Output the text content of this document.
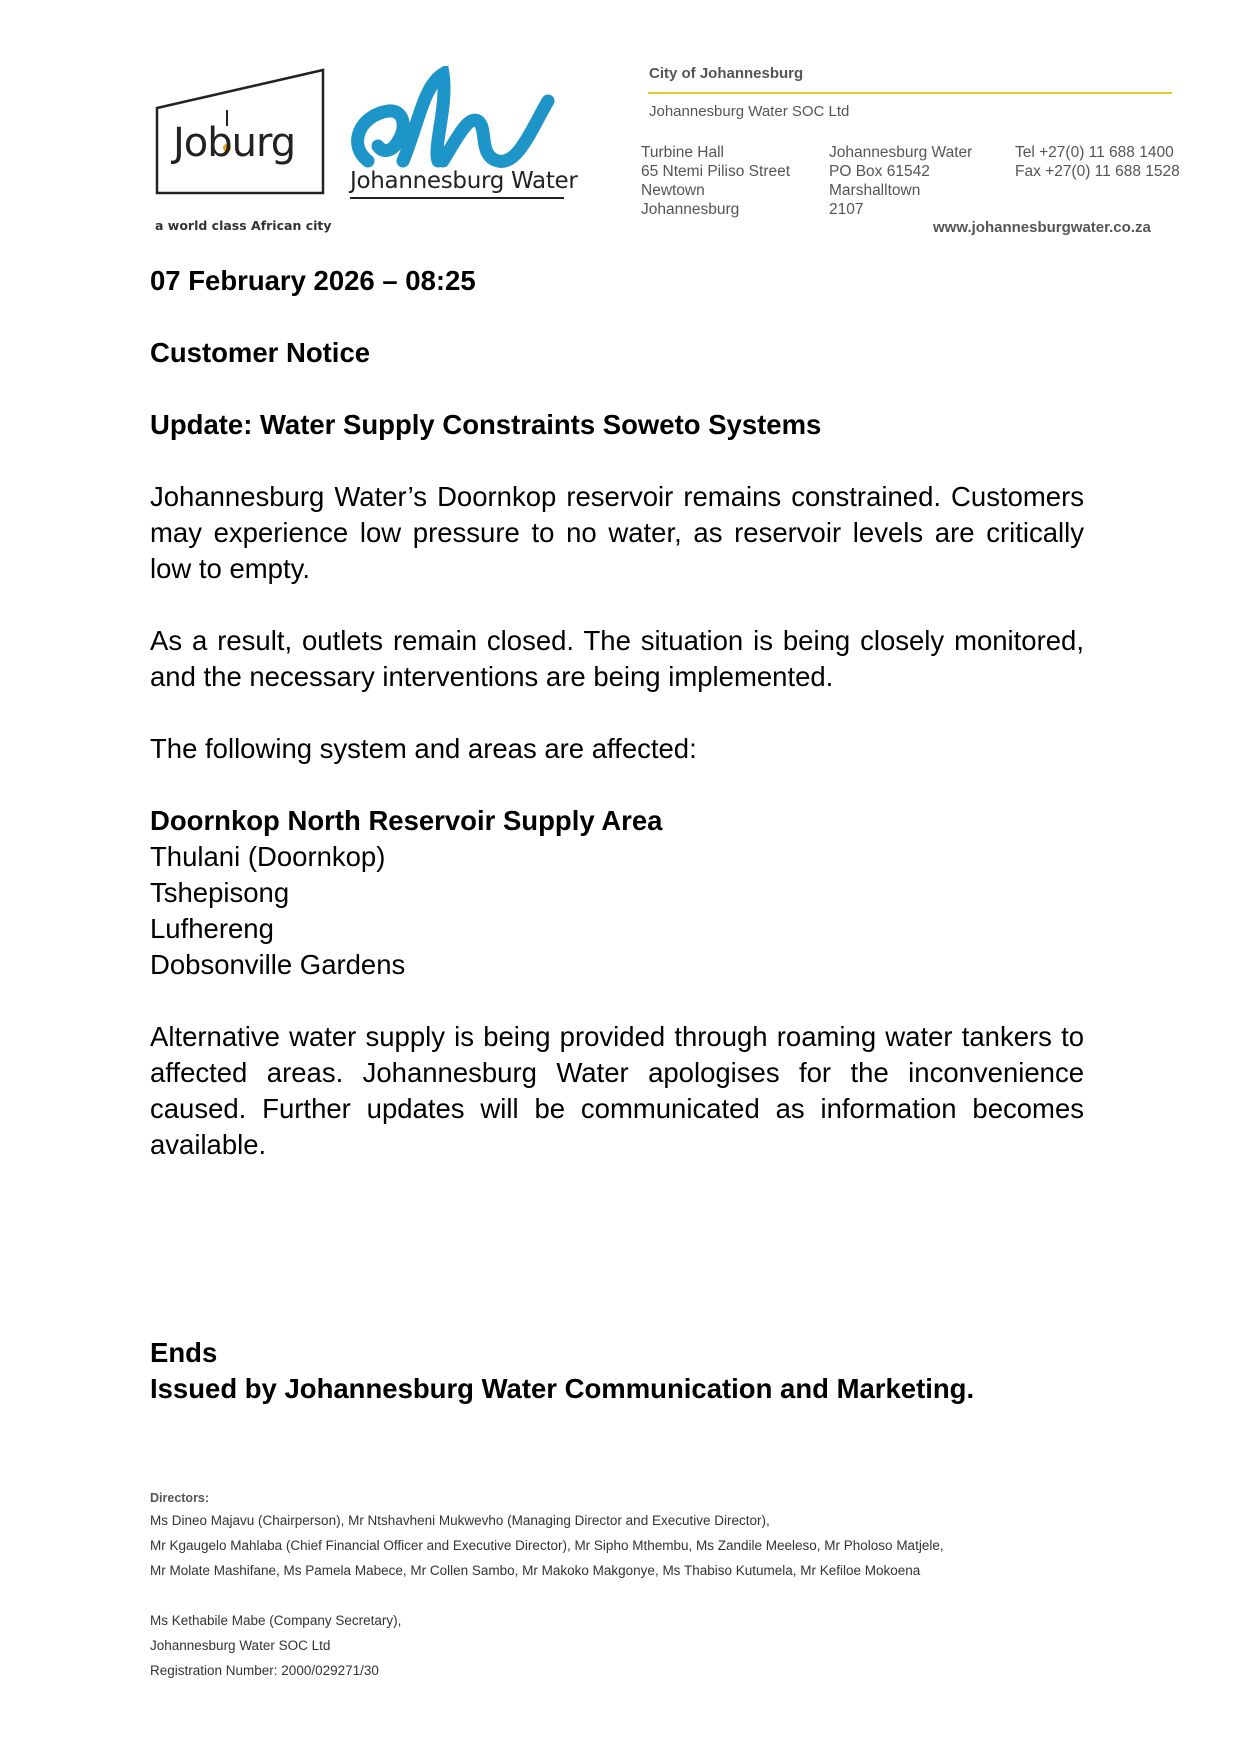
Joburg
a world class African city
Johannesburg Water
City of Johannesburg
Johannesburg Water SOC Ltd
Turbine Hall
65 Ntemi Piliso Street
Newtown
Johannesburg
Johannesburg Water
PO Box 61542
Marshalltown
2107
Tel +27(0) 11 688 1400
Fax +27(0) 11 688 1528
www.johannesburgwater.co.za
07 February 2026 – 08:25
Customer Notice
Update: Water Supply Constraints Soweto Systems
Johannesburg Water’s Doornkop reservoir remains constrained. Customers may experience low pressure to no water, as reservoir levels are critically low to empty.
As a result, outlets remain closed. The situation is being closely monitored, and the necessary interventions are being implemented.
The following system and areas are affected:
Doornkop North Reservoir Supply Area
Thulani (Doornkop)
Tshepisong
Lufhereng
Dobsonville Gardens
Alternative water supply is being provided through roaming water tankers to affected areas. Johannesburg Water apologises for the inconvenience caused. Further updates will be communicated as information becomes available.
Ends
Issued by Johannesburg Water Communication and Marketing.
Directors:
Ms Dineo Majavu (Chairperson), Mr Ntshavheni Mukwevho (Managing Director and Executive Director),
Mr Kgaugelo Mahlaba (Chief Financial Officer and Executive Director), Mr Sipho Mthembu, Ms Zandile Meeleso, Mr Pholoso Matjele,
Mr Molate Mashifane, Ms Pamela Mabece, Mr Collen Sambo, Mr Makoko Makgonye, Ms Thabiso Kutumela, Mr Kefiloe Mokoena
Ms Kethabile Mabe (Company Secretary),
Johannesburg Water SOC Ltd
Registration Number: 2000/029271/30
